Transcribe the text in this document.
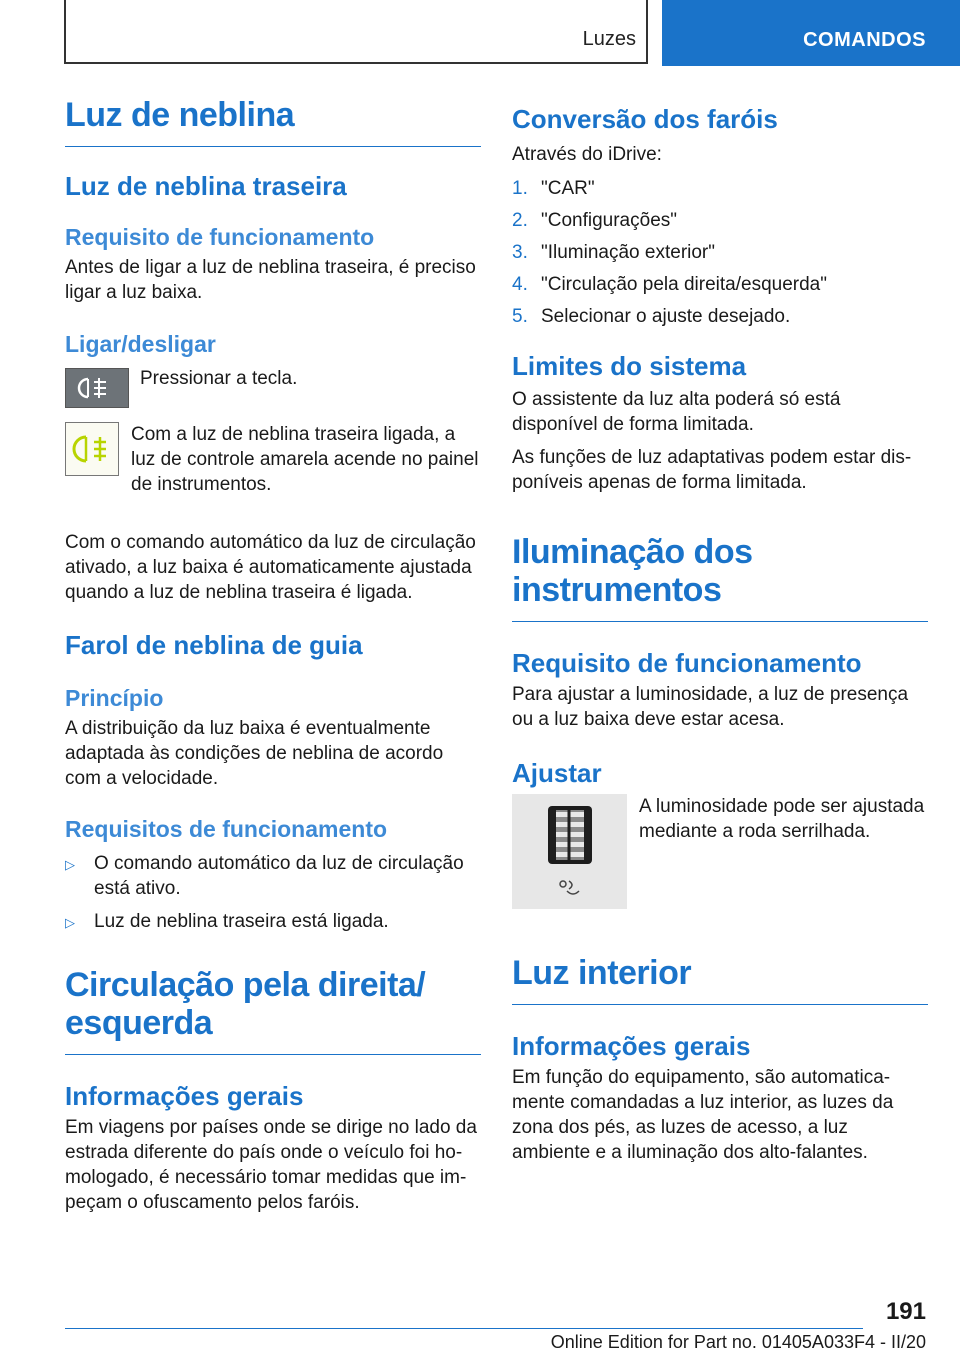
Luzes	COMANDOS
Luz de neblina
Luz de neblina traseira
Requisito de funcionamento

Antes de ligar a luz de neblina traseira, é preciso ligar a luz baixa.

Ligar/desligar

Pressionar a tecla.

Com a luz de neblina traseira ligada, a luz de controle amarela acende no painel de instrumentos.

Com o comando automático da luz de circulação ativado, a luz baixa é automaticamente ajustada quando a luz de neblina traseira é ligada.

Farol de neblina de guia
Princípio

A distribuição da luz baixa é eventualmente adaptada às condições de neblina de acordo com a velocidade.

Requisitos de funcionamento
▷ O comando automático da luz de circulação está ativo.
▷ Luz de neblina traseira está ligada.
Circulação pela direita/
esquerda
Informações gerais

Em viagens por países onde se dirige no lado da estrada diferente do país onde o veículo foi ho-mologado, é necessário tomar medidas que im-peçam o ofuscamento pelos faróis.

Conversão dos faróis

Através do iDrive:

1. "CAR"
2. "Configurações"
3. "Iluminação exterior"
4. "Circulação pela direita/esquerda"
5. Selecionar o ajuste desejado.
Limites do sistema

O assistente da luz alta poderá só está disponível de forma limitada.

As funções de luz adaptativas podem estar dis-poníveis apenas de forma limitada.

Iluminação dos
instrumentos
Requisito de funcionamento

Para ajustar a luminosidade, a luz de presença ou a luz baixa deve estar acesa.

Ajustar

A luminosidade pode ser ajustada mediante a roda serrilhada.

Luz interior
Informações gerais

Em função do equipamento, são automatica-mente comandadas a luz interior, as luzes da zona dos pés, as luzes de acesso, a luz ambiente e a iluminação dos alto-falantes.

191
Online Edition for Part no. 01405A033F4 - II/20
